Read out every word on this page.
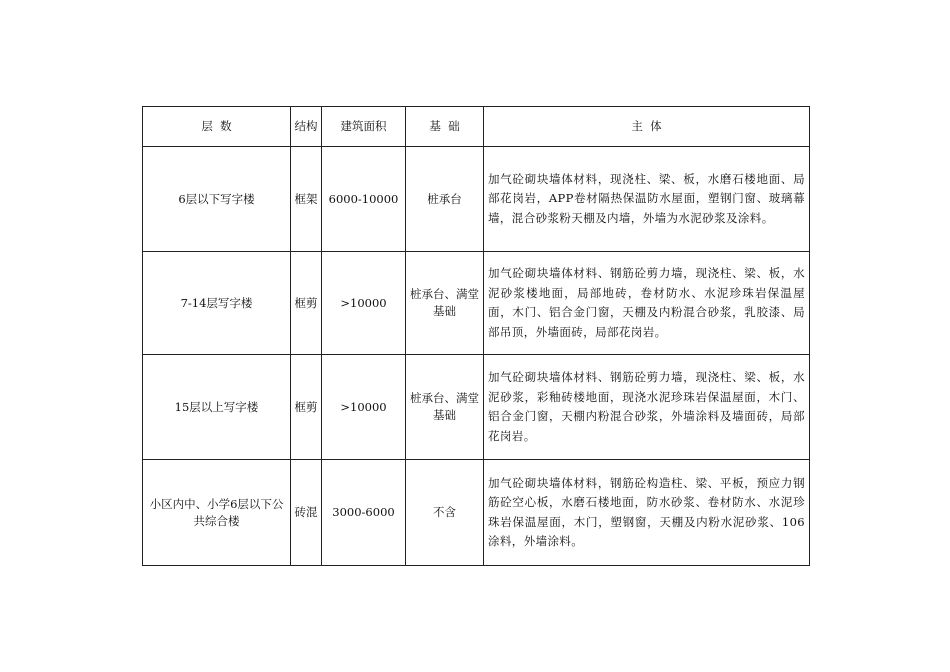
层  数	结构	建筑面积	基  础	主  体
6层以下写字楼	框架	6000-10000	桩承台	加气砼砌块墙体材料，现浇柱、梁、板，水磨石楼地面、局部花岗岩，APP卷材隔热保温防水屋面，塑钢门窗、玻璃幕墙，混合砂浆粉天棚及内墙，外墙为水泥砂浆及涂料。
7-14层写字楼	框剪	>10000	桩承台、满堂基础	加气砼砌块墙体材料、钢筋砼剪力墙，现浇柱、梁、板，水泥砂浆楼地面，局部地砖，卷材防水、水泥珍珠岩保温屋面，木门、铝合金门窗，天棚及内粉混合砂浆，乳胶漆、局部吊顶，外墙面砖，局部花岗岩。
15层以上写字楼	框剪	>10000	桩承台、满堂基础	加气砼砌块墙体材料、钢筋砼剪力墙，现浇柱、梁、板，水泥砂浆，彩釉砖楼地面，现浇水泥珍珠岩保温屋面，木门、铝合金门窗，天棚内粉混合砂浆，外墙涂料及墙面砖，局部花岗岩。
小区内中、小学6层以下公共综合楼	砖混	3000-6000	不含	加气砼砌块墙体材料，钢筋砼构造柱、梁、平板，预应力钢筋砼空心板，水磨石楼地面，防水砂浆、卷材防水、水泥珍珠岩保温屋面，木门，塑钢窗，天棚及内粉水泥砂浆、106涂料，外墙涂料。
